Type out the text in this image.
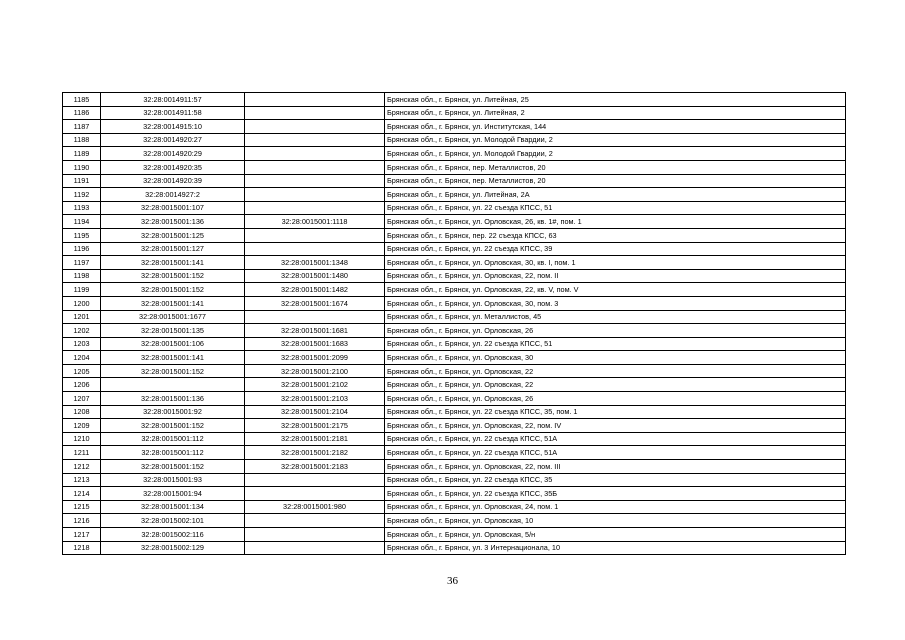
1185	32:28:0014911:57		Брянская обл., г. Брянск, ул. Литейная, 25
1186	32:28:0014911:58		Брянская обл., г. Брянск, ул. Литейная, 2
1187	32:28:0014915:10		Брянская обл., г. Брянск, ул. Институтская, 144
1188	32:28:0014920:27		Брянская обл., г. Брянск, ул. Молодой Гвардии, 2
1189	32:28:0014920:29		Брянская обл., г. Брянск, ул. Молодой Гвардии, 2
1190	32:28:0014920:35		Брянская обл., г. Брянск, пер. Металлистов, 20
1191	32:28:0014920:39		Брянская обл., г. Брянск, пер. Металлистов, 20
1192	32:28:0014927:2		Брянская обл., г. Брянск, ул. Литейная, 2А
1193	32:28:0015001:107		Брянская обл., г. Брянск, ул. 22 съезда КПСС, 51
1194	32:28:0015001:136	32:28:0015001:1118	Брянская обл., г. Брянск, ул. Орловская, 26, кв. 1#, пом. 1
1195	32:28:0015001:125		Брянская обл., г. Брянск, пер. 22 съезда КПСС, 63
1196	32:28:0015001:127		Брянская обл., г. Брянск, ул. 22 съезда КПСС, 39
1197	32:28:0015001:141	32:28:0015001:1348	Брянская обл., г. Брянск, ул. Орловская, 30, кв. I, пом. 1
1198	32:28:0015001:152	32:28:0015001:1480	Брянская обл., г. Брянск, ул. Орловская, 22, пом. II
1199	32:28:0015001:152	32:28:0015001:1482	Брянская обл., г. Брянск, ул. Орловская, 22, кв. V, пом. V
1200	32:28:0015001:141	32:28:0015001:1674	Брянская обл., г. Брянск, ул. Орловская, 30, пом. 3
1201	32:28:0015001:1677		Брянская обл., г. Брянск, ул. Металлистов, 45
1202	32:28:0015001:135	32:28:0015001:1681	Брянская обл., г. Брянск, ул. Орловская, 26
1203	32:28:0015001:106	32:28:0015001:1683	Брянская обл., г. Брянск, ул. 22 съезда КПСС, 51
1204	32:28:0015001:141	32:28:0015001:2099	Брянская обл., г. Брянск, ул. Орловская, 30
1205	32:28:0015001:152	32:28:0015001:2100	Брянская обл., г. Брянск, ул. Орловская, 22
1206		32:28:0015001:2102	Брянская обл., г. Брянск, ул. Орловская, 22
1207	32:28:0015001:136	32:28:0015001:2103	Брянская обл., г. Брянск, ул. Орловская, 26
1208	32:28:0015001:92	32:28:0015001:2104	Брянская обл., г. Брянск, ул. 22 съезда КПСС, 35, пом. 1
1209	32:28:0015001:152	32:28:0015001:2175	Брянская обл., г. Брянск, ул. Орловская, 22, пом. IV
1210	32:28:0015001:112	32:28:0015001:2181	Брянская обл., г. Брянск, ул. 22 съезда КПСС, 51А
1211	32:28:0015001:112	32:28:0015001:2182	Брянская обл., г. Брянск, ул. 22 съезда КПСС, 51А
1212	32:28:0015001:152	32:28:0015001:2183	Брянская обл., г. Брянск, ул. Орловская, 22, пом. III
1213	32:28:0015001:93		Брянская обл., г. Брянск, ул. 22 съезда КПСС, 35
1214	32:28:0015001:94		Брянская обл., г. Брянск, ул. 22 съезда КПСС, 35Б
1215	32:28:0015001:134	32:28:0015001:980	Брянская обл., г. Брянск, ул. Орловская, 24, пом. 1
1216	32:28:0015002:101		Брянская обл., г. Брянск, ул. Орловская, 10
1217	32:28:0015002:116		Брянская обл., г. Брянск, ул. Орловская, 5/н
1218	32:28:0015002:129		Брянская обл., г. Брянск, ул. 3 Интернационала, 10
36
